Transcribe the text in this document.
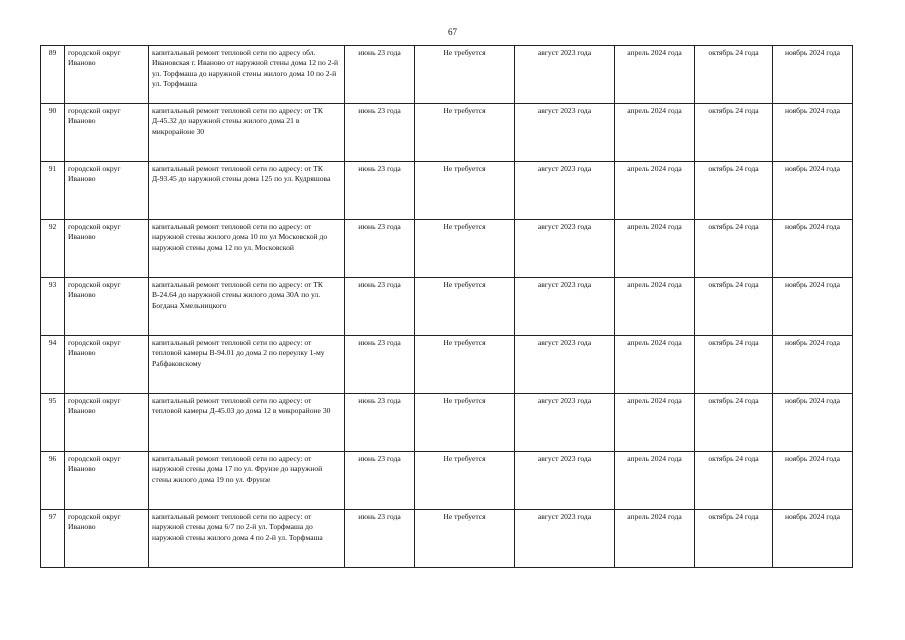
67
89	городской округ Иваново	капитальный ремонт тепловой сети по адресу обл. Ивановская г. Иваново от наружной стены дома 12 по 2-й ул. Торфмаша до наружной стены жилого дома 10 по 2-й ул. Торфмаша	июнь 23 года	Не требуется	август 2023 года	апрель 2024 года	октябрь 24 года	ноябрь 2024 года
90	городской округ Иваново	капитальный ремонт тепловой сети по адресу: от ТК Д-45.32 до наружной стены жилого дома 21 в микрорайоне 30	июнь 23 года	Не требуется	август 2023 года	апрель 2024 года	октябрь 24 года	ноябрь 2024 года
91	городской округ Иваново	капитальный ремонт тепловой сети по адресу: от ТК Д-93.45 до наружной стены дома 125 по ул. Кудряшова	июнь 23 года	Не требуется	август 2023 года	апрель 2024 года	октябрь 24 года	ноябрь 2024 года
92	городской округ Иваново	капитальный ремонт тепловой сети по адресу: от наружной стены жилого дома 10 по ул Московской до наружной стены дома 12 по ул. Московской	июнь 23 года	Не требуется	август 2023 года	апрель 2024 года	октябрь 24 года	ноябрь 2024 года
93	городской округ Иваново	капитальный ремонт тепловой сети по адресу: от ТК В-24.64 до наружной стены жилого дома 30А по ул. Богдана Хмельницкого	июнь 23 года	Не требуется	август 2023 года	апрель 2024 года	октябрь 24 года	ноябрь 2024 года
94	городской округ Иваново	капитальный ремонт тепловой сети по адресу: от тепловой камеры В-94.01 до дома 2 по переулку 1-му Рабфаковскому	июнь 23 года	Не требуется	август 2023 года	апрель 2024 года	октябрь 24 года	ноябрь 2024 года
95	городской округ Иваново	капитальный ремонт тепловой сети по адресу: от тепловой камеры Д-45.03 до дома 12 в микрорайоне 30	июнь 23 года	Не требуется	август 2023 года	апрель 2024 года	октябрь 24 года	ноябрь 2024 года
96	городской округ Иваново	капитальный ремонт тепловой сети по адресу: от наружной стены дома 17 по ул. Фрунзе до наружной стены жилого дома 19 по ул. Фрунзе	июнь 23 года	Не требуется	август 2023 года	апрель 2024 года	октябрь 24 года	ноябрь 2024 года
97	городской округ Иваново	капитальный ремонт тепловой сети по адресу: от наружной стены дома 6/7 по 2-й ул. Торфмаша до наружной стены жилого дома 4 по 2-й ул. Торфмаша	июнь 23 года	Не требуется	август 2023 года	апрель 2024 года	октябрь 24 года	ноябрь 2024 года
